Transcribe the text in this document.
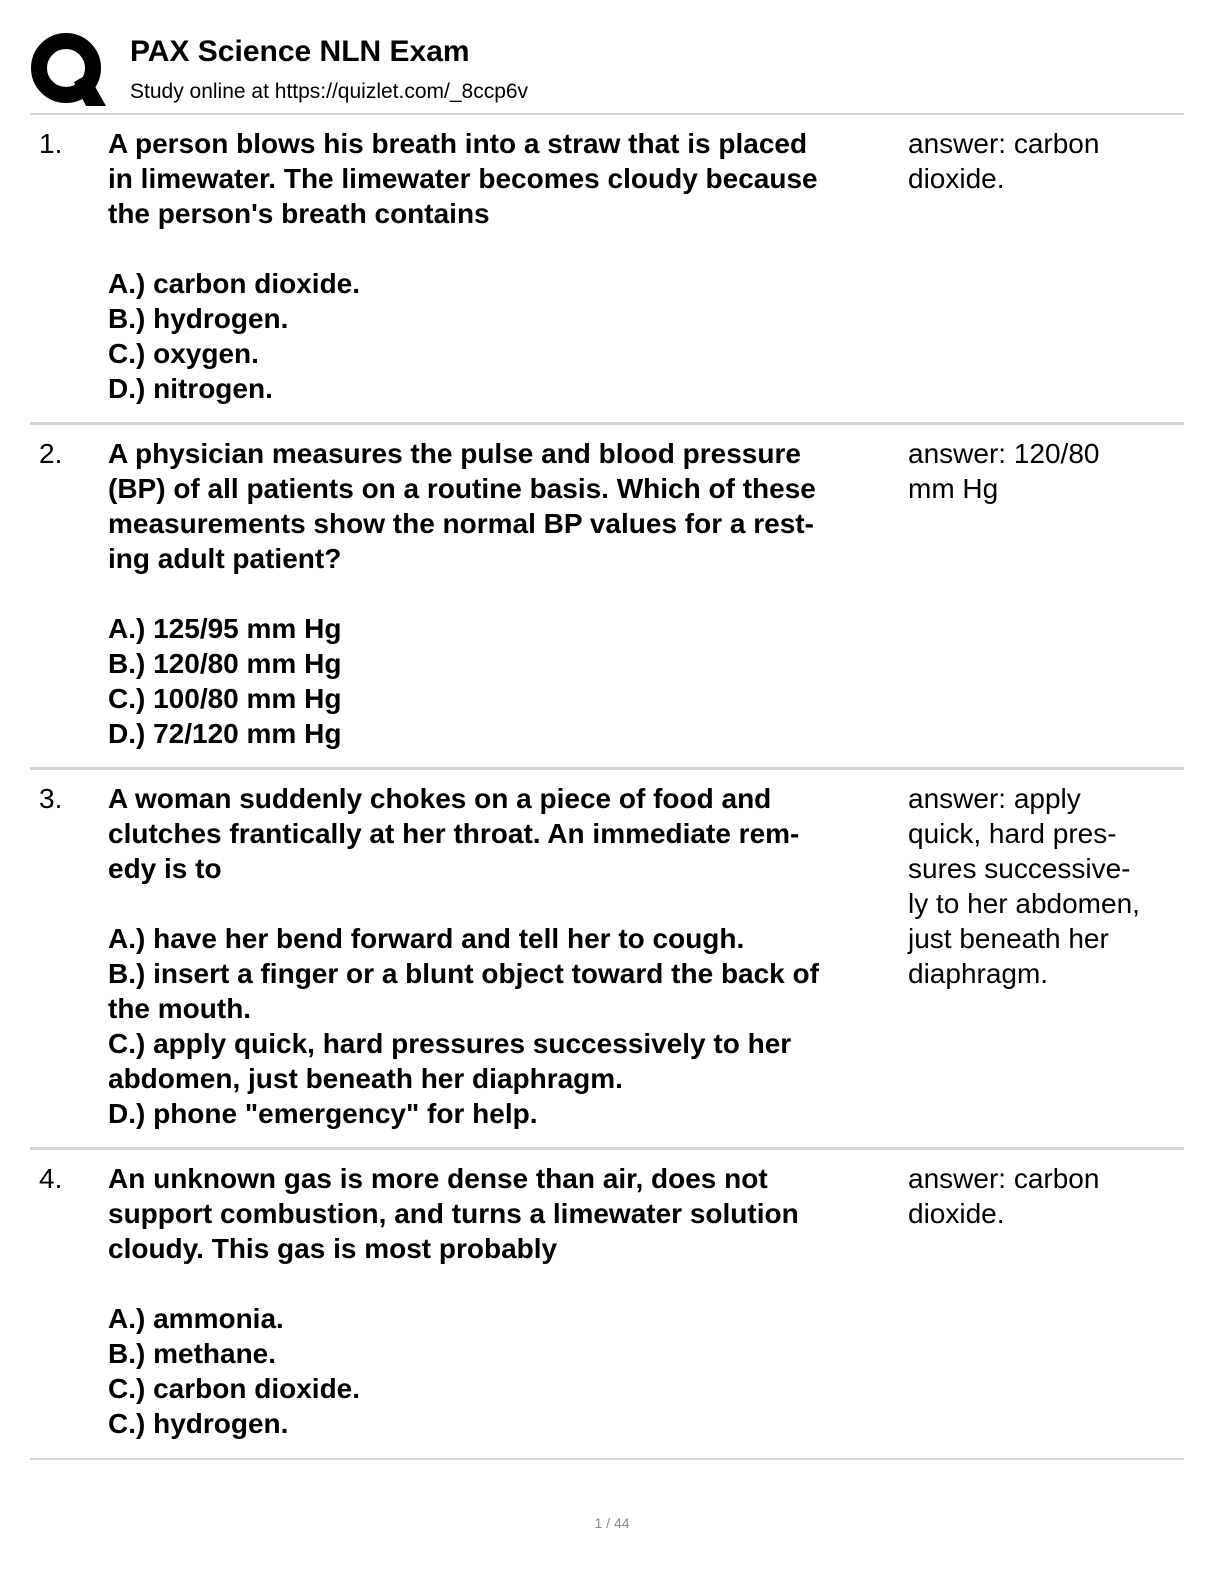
PAX Science NLN Exam
Study online at https://quizlet.com/_8ccp6v
1. A person blows his breath into a straw that is placed
in limewater. The limewater becomes cloudy because
the person's breath contains
A.) carbon dioxide.
B.) hydrogen.
C.) oxygen.
D.) nitrogen.
answer: carbon
dioxide.
2. A physician measures the pulse and blood pressure
(BP) of all patients on a routine basis. Which of these
measurements show the normal BP values for a rest-
ing adult patient?
A.) 125/95 mm Hg
B.) 120/80 mm Hg
C.) 100/80 mm Hg
D.) 72/120 mm Hg
answer: 120/80
mm Hg
3. A woman suddenly chokes on a piece of food and
clutches frantically at her throat. An immediate rem-
edy is to
A.) have her bend forward and tell her to cough.
B.) insert a finger or a blunt object toward the back of
the mouth.
C.) apply quick, hard pressures successively to her
abdomen, just beneath her diaphragm.
D.) phone "emergency" for help.
answer: apply
quick, hard pres-
sures successive-
ly to her abdomen,
just beneath her
diaphragm.
4. An unknown gas is more dense than air, does not
support combustion, and turns a limewater solution
cloudy. This gas is most probably
A.) ammonia.
B.) methane.
C.) carbon dioxide.
C.) hydrogen.
answer: carbon
dioxide.
1 / 44
